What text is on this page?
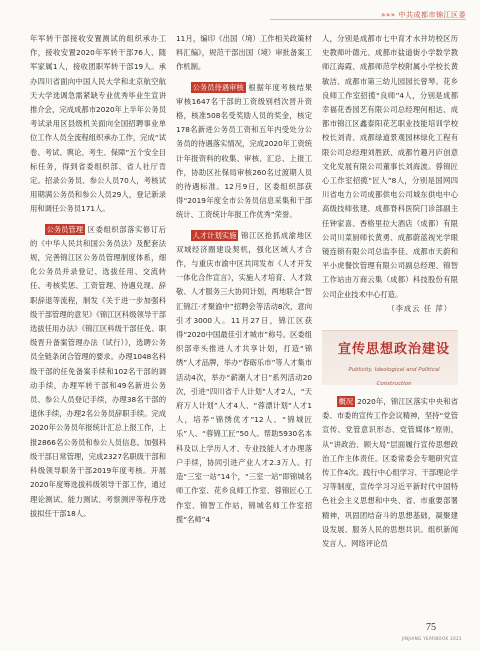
»»» 中共成都市锦江区委

年军转干部接收安置测试的组织承办工作，接收安置2020年军转干部76人、随军家属1人，接收团职军转干部19人。承办四川省面向中国人民大学和北京航空航天大学选调急需紧缺专业优秀毕业生宣讲推介会，完成成都市2020年上半年公务员考试录用区县级机关面向全国招聘事业单位工作人员全流程组织承办工作，完成“试卷、考试、舆论、考生、保障”五个安全目标任务，得到省委组织部、省人社厅肯定。招录公务员、参公人员70人，考核试用期满公务员和参公人员29人，登记新录用和调任公务员171人。

公务员管理 区委组织部落实修订后的《中华人民共和国公务员法》及配套法规，完善锦江区公务员管理制度体系，细化公务员并录登记、选拔任用、交流转任、考核奖惩、工资管理、待遇兑现、辞职辞退等流程，制发《关于进一步加强科级干部管理的意见》《锦江区科级领导干部选拔任用办法》《锦江区科级干部任免、职级晋升备案管理办法（试行）》，选聘公务员全链条闭合管理的要求。办理1048名科级干部的任免备案手续和102名干部的调动手续，办理军转干部和49名新进公务员、参公人员登记手续，办理38名干部的退休手续，办理2名公务员辞职手续。完成2020年公务员年报统计汇总上报工作，上报2866名公务员和参公人员信息。加强科级干部日常管理，完成2327名职级干部和科级领导职务干部2019年度考核。开展2020年度筹选拔科级领导干部工作，通过理论测试、能力测试、考察测评等程序选拔拟任干部18人。

11月，编印《出国（境）工作相关政策材料汇编》，规范干部出国（境）审批备案工作机制。

公务员待遇审核 根据年度考核结果审核1647名干部的工资级别档次晋升资格，核准508名受奖励人员的奖金，核定178名新进公务员工资和五年内受处分公务员的待遇落实情况，完成2020年工资统计年报资料的收集、审核、汇总、上报工作，协助区社保局审核260名过渡期人员的待遇标准。12月9日，区委组织部获得“2019年度全市公务员信息采集和干部统计、工资统计年报工作优秀”荣誉。

人才计划实施 锦江区抢抓成渝地区双城经济圈建设契机，强化区域人才合作，与重庆市渝中区共同发布《人才开发一体化合作宣言》，实施人才培育、人才致敬、人才服务三大协同计划，两地联合“智汇锦江·才聚渝中”招聘会等活动8次，意向引才3000人。11月27日，锦江区获得“2020中国最佳引才城市”称号。区委组织部牵头推进人才共享计划，打造“锦绣”人才品牌，举办“春砺乐市”等人才集市活动4次，举办“薪潮人才日”系列活动20次，引进“四川省千人计划”人才2人，“天府万人计划”人才4人、“蓉漂计划”人才1人，培养“锦绣优才”12人、“锦城匠乐”人、“蓉锦工匠”50人。帮助5930名本科及以上学历人才、专业技能人才办理落户手续，协同引进产业人才2.3万人。打造“三室一站”14个，“三室一站”即锦城名师工作室、花乡良师工作室、蓉锦匠心工作室、锦智工作站，锦城名师工作室招揽“名师”4

人，分别是成都市七中育才水井坊校区历史教师叶德元、成都市盐道街小学数学教师江海霞、成都师范学校附属小学校长黄敏洁、成都市第三幼儿园园长曾琴。花乡良师工作室招揽“良师”4人，分别是成都幸福花香园艺有限公司总经理何相达、成都市锦江区鑫泰阳花艺职业技能培训学校校长刘青、成都绿道景观园林绿化工程有限公司总经理刘胜跃、成都竹趣月庐创意文化发展有限公司董事长刘海波。蓉锦匠心工作室招揽“匠人”8人，分别是国网四川省电力公司成都供电公司城东供电中心高级技师张建、成都脊科医院门诊部副主任钟家喜、香格里拉大酒店（成都）有限公司川菜厨师长黄勇、成都蔚蓝视光学眼镜连锁有限公司总监李佳、成都市天蔚和平小虎餐饮管理有限公司副总经理、锦智工作站由万商云集（成都）科技股份有限公司企业技术中心打造。

（李成云 任 萍）

宣传思想政治建设
Publicity, Ideological and Political Construction

概况 2020年，锦江区落实中央和省委、市委的宣传工作会议精神，坚持“党管宣传、党管意识形态、党管媒体”原则，从“讲政治、顾大局”层面履行宣传思想政治工作主体责任。区委常委会专题研究宣传工作4次。践行中心组学习、干部理论学习等制度，宣传学习习近平新时代中国特色社会主义思想和中央、省、市重要部署精神，巩固团结奋斗的思想基础，凝聚建设发展、服务人民的思想共识。组织新闻发言人、网络评论员

75
JINJIANG YEARBOOK 2021
